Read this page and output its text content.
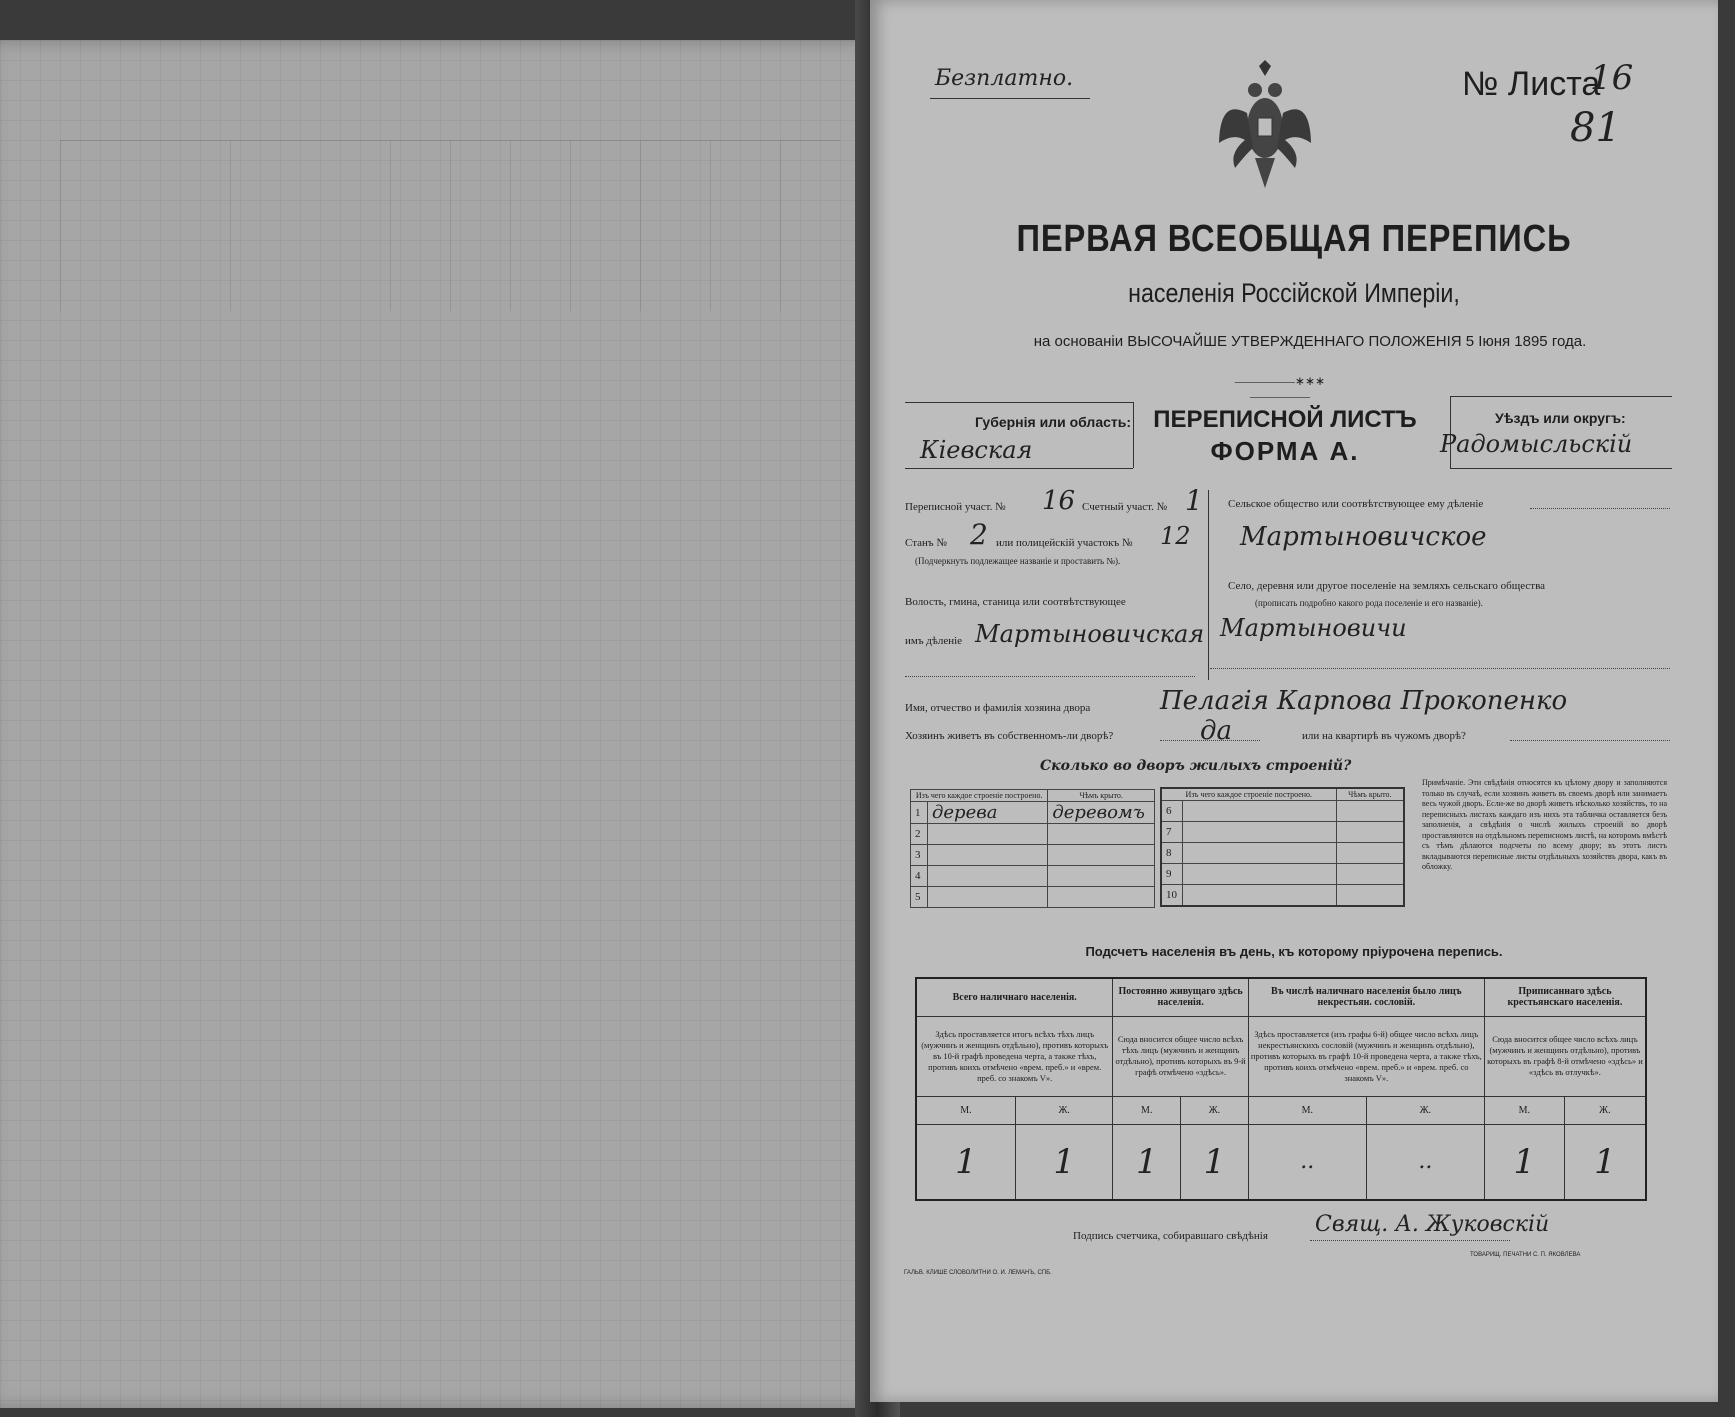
Безплатно.	№ Листа
16
81
ПЕРВАЯ ВСЕОБЩАЯ ПЕРЕПИСЬ
населенія Россійской Имперіи,
на основаніи ВЫСОЧАЙШЕ УТВЕРЖДЕННАГО ПОЛОЖЕНІЯ 5 Іюня 1895 года.
—————∗∗∗—————
Губернія или область:
Кіевская
ПЕРЕПИСНОЙ ЛИСТЪ
ФОРМА А.
Уѣздъ или округъ:
Радомысльскій
Переписной участ. № 16 Счетный участ. № 1
Станъ № 2 или полицейскій участокъ № 12
(Подчеркнуть подлежащее названіе и проставить №).
Волость, гмина, станица или соотвѣтствующее
имъ дѣленіе Мартыновичская
Сельское общество или соотвѣтствующее ему дѣленіе
Мартыновичское
Село, деревня или другое поселеніе на земляхъ сельскаго общества
(прописать подробно какого рода поселеніе и его названіе).
Мартыновичи
Имя, отчество и фамилія хозяина двора	Пелагія Карпова Прокопенко
Хозяинъ живетъ въ собственномъ-ли дворѣ?	да	или на квартирѣ въ чужомъ дворѣ?
Сколько во дворъ жилыхъ строеній?
Изъ чего каждое строеніе построено.		Чѣмъ крыто.
1	дерева	деревомъ
2		
3		
4		
5		
Изъ чего каждое строеніе построено.		Чѣмъ крыто.
6		
7		
8		
9		
10		
Примѣчаніе. Эти свѣдѣнія относятся къ цѣлому двору и заполняются только въ случаѣ, если хозяинъ живетъ въ своемъ дворѣ или занимаетъ весь чужой дворъ. Если-же во дворѣ живетъ нѣсколько хозяйствъ, то на переписныхъ листахъ каждаго изъ нихъ эта табличка оставляется безъ заполненія, а свѣдѣнія о числѣ жилыхъ строеній во дворѣ проставляются на отдѣльномъ переписномъ листѣ, на которомъ вмѣстѣ съ тѣмъ дѣлаются подсчеты по всему двору; въ этотъ листъ вкладываются переписные листы отдѣльныхъ хозяйствъ двора, какъ въ обложку.
Подсчетъ населенія въ день, къ которому пріурочена перепись.
Всего наличнаго населенія.		Постоянно живущаго здѣсь населенія.		Въ числѣ наличнаго населенія было лицъ некрестьян. сословій.		Приписаннаго здѣсь крестьянскаго населенія.	
Здѣсь проставляется итогъ всѣхъ тѣхъ лицъ (мужчинъ и женщинъ отдѣльно), противъ которыхъ въ 10-й графѣ проведена черта, а также тѣхъ, противъ коихъ отмѣчено «врем. преб.» и «врем. преб. со знакомъ V».		Сюда вносится общее число всѣхъ тѣхъ лицъ (мужчинъ и женщинъ отдѣльно), противъ которыхъ въ 9-й графѣ отмѣчено «здѣсь».		Здѣсь проставляется (изъ графы 6-й) общее число всѣхъ лицъ некрестьянскихъ сословій (мужчинъ и женщинъ отдѣльно), противъ которыхъ въ графѣ 10-й проведена черта, а также тѣхъ, противъ коихъ отмѣчено «врем. преб.» и «врем. преб. со знакомъ V».		Сюда вносится общее число всѣхъ лицъ (мужчинъ и женщинъ отдѣльно), противъ которыхъ въ графѣ 8-й отмѣчено «здѣсь» и «здѣсь въ отлучкѣ».	
М.	Ж.	М.	Ж.	М.	Ж.	М.	Ж.
1	1	1	1	..	..	1	1
Подпись счетчика, собиравшаго свѣдѣнія Свящ. А. Жуковскій
ГАЛЬВ. КЛИШЕ СЛОВОЛИТНИ О. И. ЛЕМАНЪ, СПБ.
ТОВАРИЩ. ПЕЧАТНИ С. П. ЯКОВЛЕВА
